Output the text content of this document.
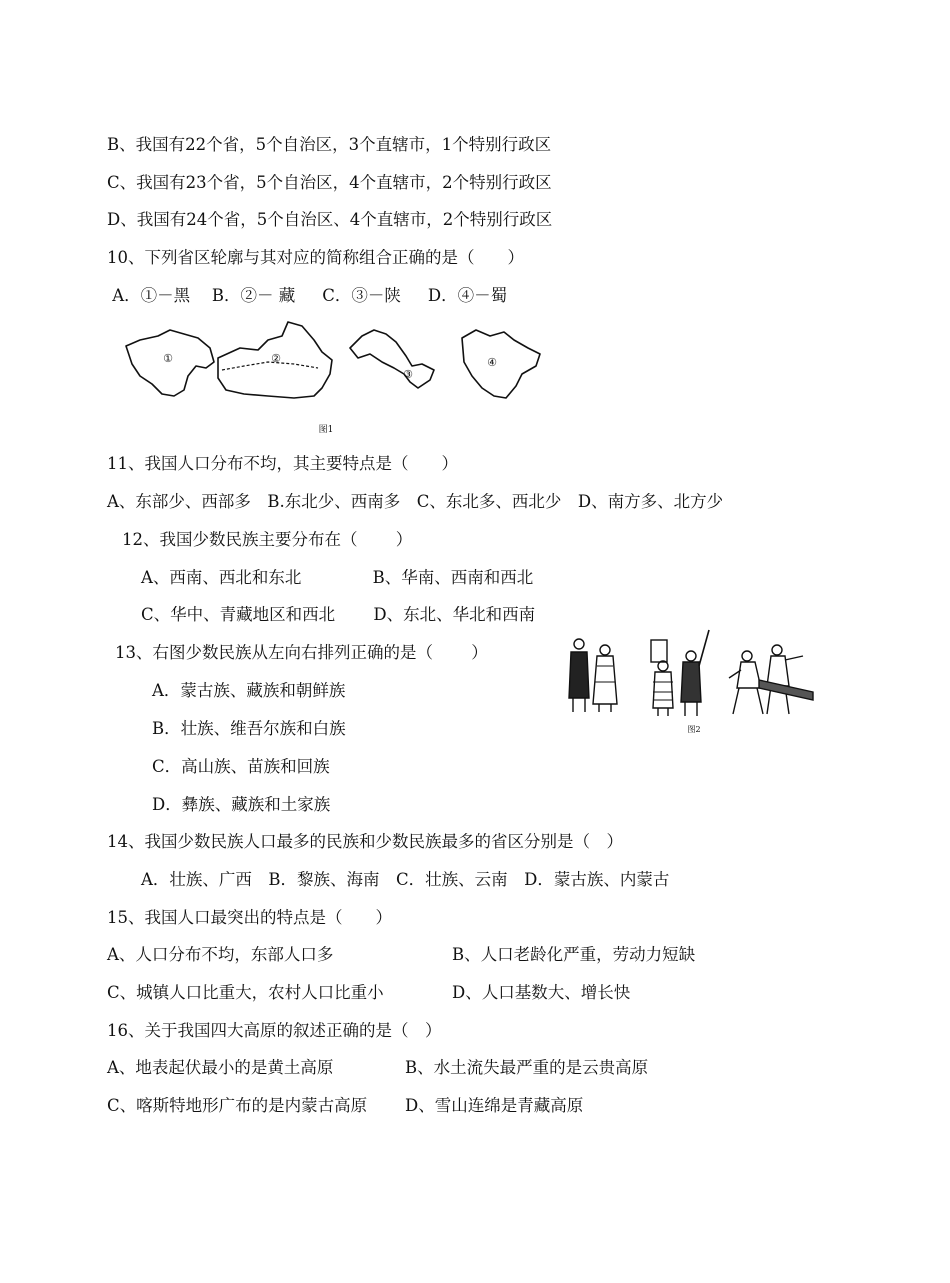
B、我国有22个省，5个自治区，3个直辖市，1个特别行政区
C、我国有23个省，5个自治区，4个直辖市，2个特别行政区
D、我国有24个省，5个自治区、4个直辖市，2个特别行政区
10、下列省区轮廓与其对应的简称组合正确的是（　　）
A．①－黑　 B．②－ 藏　  C．③－陕　  D．④－蜀
①	②
③
④
图1
11、我国人口分布不均，其主要特点是（　　）
A、东部少、西部多　B.东北少、西南多　C、东北多、西北少　D、南方多、北方少
12、我国少数民族主要分布在（　　 ）
A、西南、西北和东北　　　　 B、华南、西南和西北
C、华中、青藏地区和西北　　 D、东北、华北和西南
13、右图少数民族从左向右排列正确的是（　　 ）
A．蒙古族、藏族和朝鲜族
B．壮族、维吾尔族和白族
C．高山族、苗族和回族
D．彝族、藏族和土家族
图2
14、我国少数民族人口最多的民族和少数民族最多的省区分别是（　）
A．壮族、广西　B．黎族、海南　C．壮族、云南　D．蒙古族、内蒙古
15、我国人口最突出的特点是（　　）
A、人口分布不均，东部人口多	B、人口老龄化严重，劳动力短缺
C、城镇人口比重大，农村人口比重小	D、人口基数大、增长快
16、关于我国四大高原的叙述正确的是（　）
A、地表起伏最小的是黄土高原	B、水土流失最严重的是云贵高原
C、喀斯特地形广布的是内蒙古高原 D、雪山连绵是青藏高原
